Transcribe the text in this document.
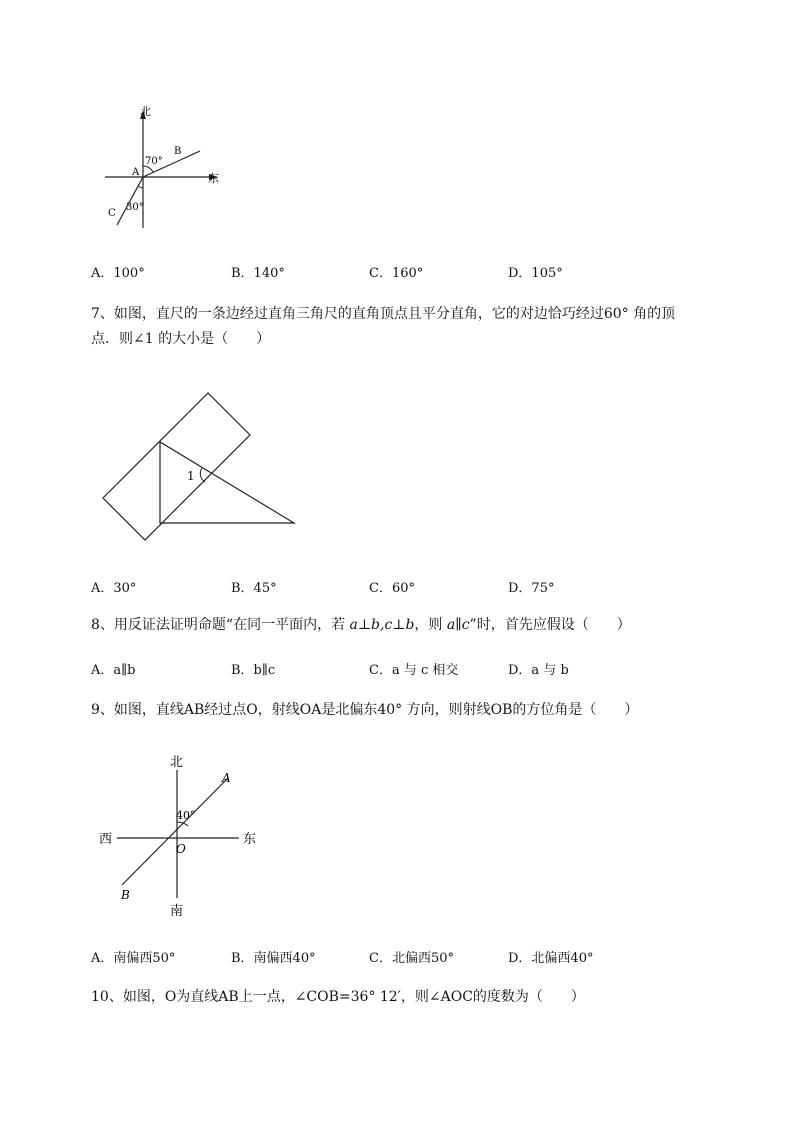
北
东
A
B
C
70°
30°
A．100°	B．140°	C．160°	D．105°
7、如图，直尺的一条边经过直角三角尺的直角顶点且平分直角，它的对边恰巧经过60° 角的顶
点．则∠1 的大小是（　　）
1
A．30°	B．45°	C．60°	D．75°
8、用反证法证明命题“在同一平面内，若 a⊥b,c⊥b，则 a∥c”时，首先应假设（　　）
A．a∥b	B．b∥c	C．a 与 c 相交	D．a 与 b
9、如图，直线AB经过点O，射线OA是北偏东40° 方向，则射线OB的方位角是（　　）
北
南
西	东
A
B
O
40°
A．南偏西50°	B．南偏西40°	C．北偏西50°	D．北偏西40°
10、如图，O为直线AB上一点，∠COB=36° 12′，则∠AOC的度数为（　　）
